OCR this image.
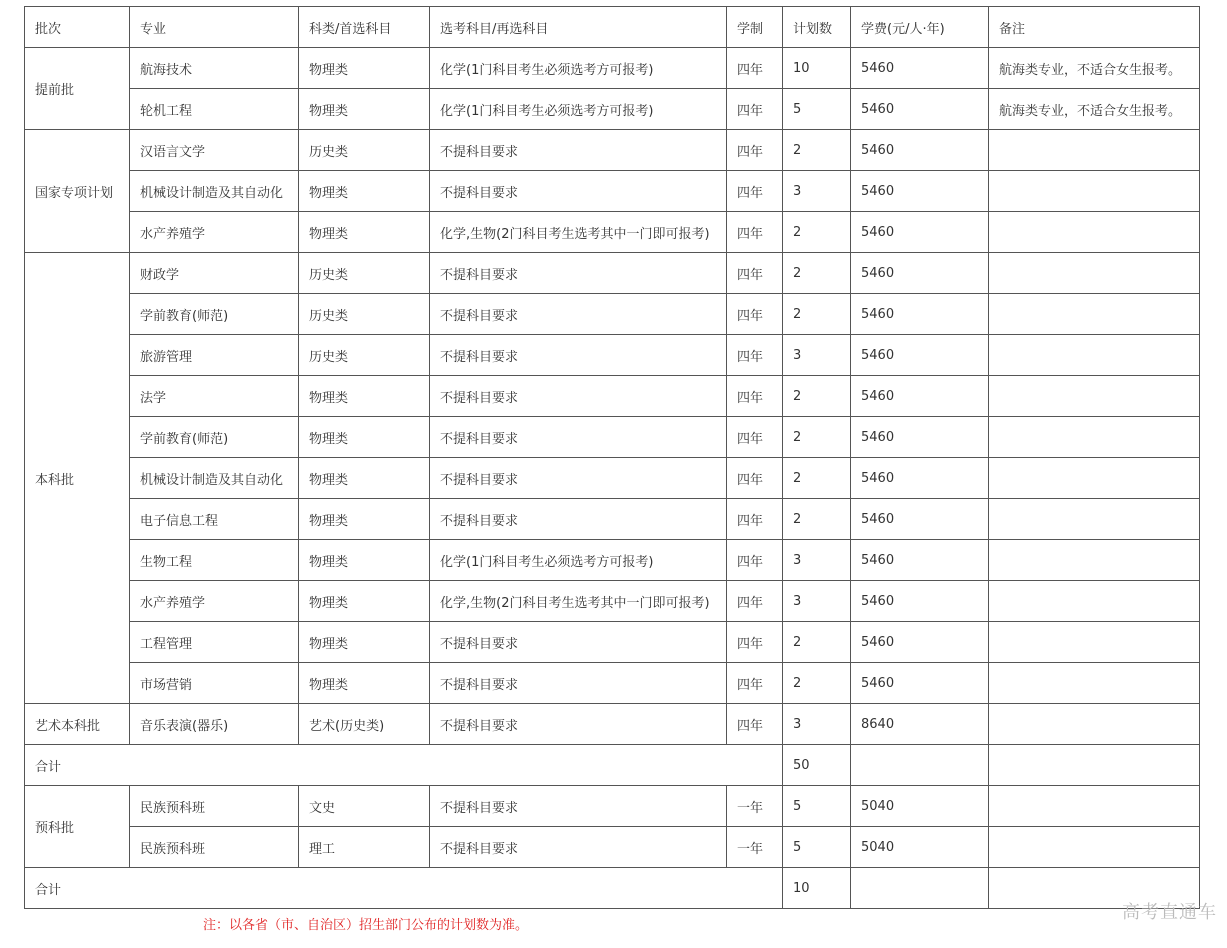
批次	专业	科类/首选科目	选考科目/再选科目	学制	计划数	学费(元/人·年)	备注
提前批	航海技术	物理类	化学(1门科目考生必须选考方可报考)	四年	10	5460	航海类专业，不适合女生报考。
	轮机工程	物理类	化学(1门科目考生必须选考方可报考)	四年	5	5460	航海类专业，不适合女生报考。
国家专项计划	汉语言文学	历史类	不提科目要求	四年	2	5460	
	机械设计制造及其自动化	物理类	不提科目要求	四年	3	5460	
	水产养殖学	物理类	化学,生物(2门科目考生选考其中一门即可报考)	四年	2	5460	
本科批	财政学	历史类	不提科目要求	四年	2	5460	
	学前教育(师范)	历史类	不提科目要求	四年	2	5460	
	旅游管理	历史类	不提科目要求	四年	3	5460	
	法学	物理类	不提科目要求	四年	2	5460	
	学前教育(师范)	物理类	不提科目要求	四年	2	5460	
	机械设计制造及其自动化	物理类	不提科目要求	四年	2	5460	
	电子信息工程	物理类	不提科目要求	四年	2	5460	
	生物工程	物理类	化学(1门科目考生必须选考方可报考)	四年	3	5460	
	水产养殖学	物理类	化学,生物(2门科目考生选考其中一门即可报考)	四年	3	5460	
	工程管理	物理类	不提科目要求	四年	2	5460	
	市场营销	物理类	不提科目要求	四年	2	5460	
艺术本科批	音乐表演(器乐)	艺术(历史类)	不提科目要求	四年	3	8640	
合计					50		
预科批	民族预科班	文史	不提科目要求	一年	5	5040	
	民族预科班	理工	不提科目要求	一年	5	5040	
合计					10		
注：以各省（市、自治区）招生部门公布的计划数为准。
高考直通车
